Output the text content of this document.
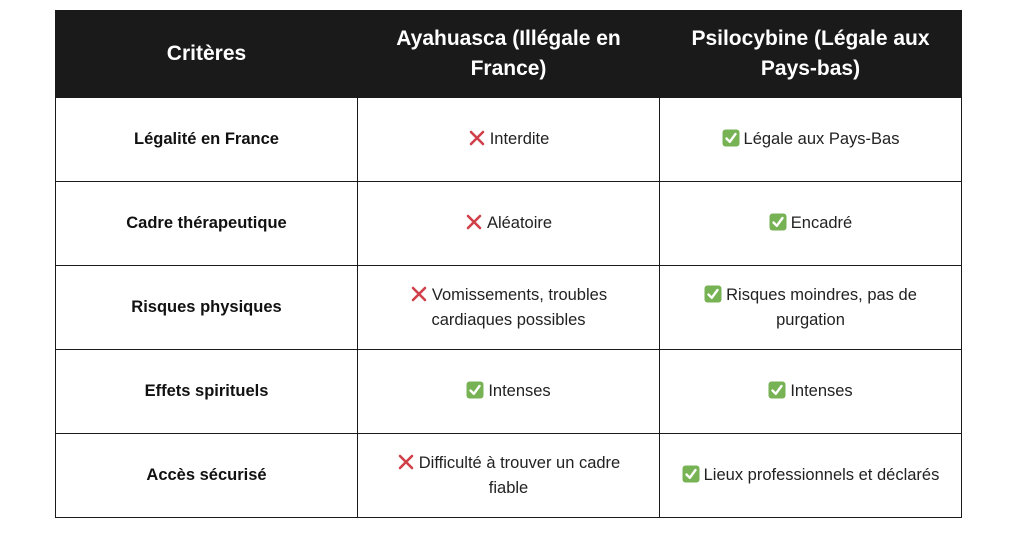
Critères	Ayahuasca (Illégale en France)	Psilocybine (Légale aux Pays-bas)
Légalité en France	Interdite	Légale aux Pays-Bas
Cadre thérapeutique	Aléatoire	Encadré
Risques physiques	Vomissements, troubles cardiaques possibles	Risques moindres, pas de purgation
Effets spirituels	Intenses	Intenses
Accès sécurisé	Difficulté à trouver un cadre fiable	Lieux professionnels et déclarés
